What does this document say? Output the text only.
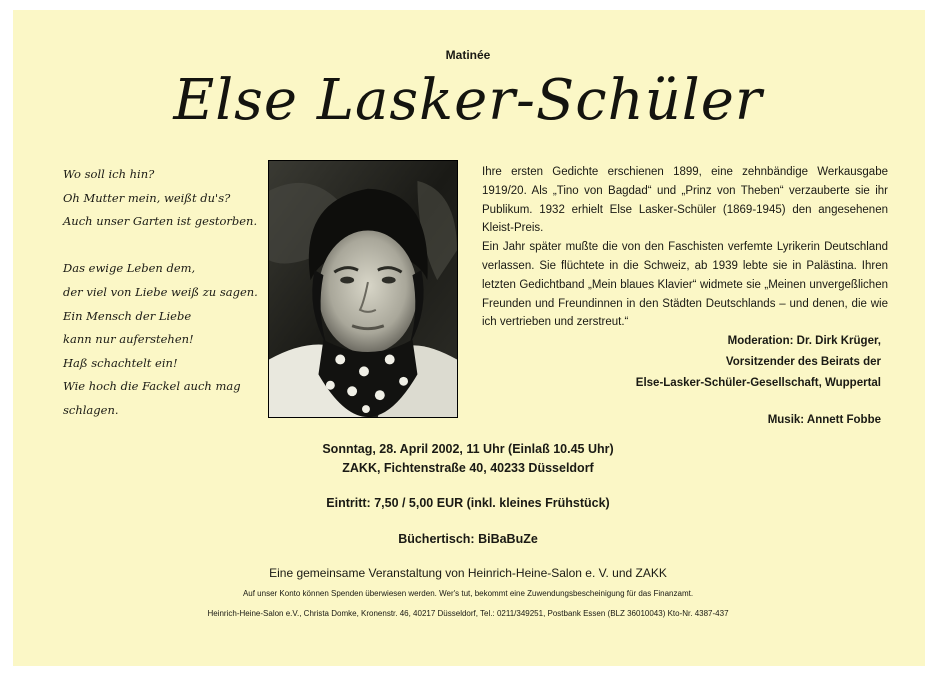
Matinée
Else Lasker-Schüler
Wo soll ich hin?
Oh Mutter mein, weißt du's?
Auch unser Garten ist gestorben.
Das ewige Leben dem,
der viel von Liebe weiß zu sagen.
Ein Mensch der Liebe
kann nur auferstehen!
Haß schachtelt ein!
Wie hoch die Fackel auch mag
schlagen.

Ihre ersten Gedichte erschienen 1899, eine zehnbändige Werkausgabe 1919/20. Als „Tino von Bagdad“ und „Prinz von Theben“ verzauberte sie ihr Publikum. 1932 erhielt Else Lasker-Schüler (1869-1945) den angesehenen Kleist-Preis.

Ein Jahr später mußte die von den Faschisten verfemte Lyrikerin Deutschland verlassen. Sie flüchtete in die Schweiz, ab 1939 lebte sie in Palästina. Ihren letzten Gedichtband „Mein blaues Klavier“ widmete sie „Meinen unvergeßlichen Freunden und Freundinnen in den Städten Deutschlands – und denen, die wie ich vertrieben und zerstreut.“

Moderation: Dr. Dirk Krüger,
Vorsitzender des Beirats der
Else-Lasker-Schüler-Gesellschaft, Wuppertal
Musik: Annett Fobbe
Sonntag, 28. April 2002, 11 Uhr (Einlaß 10.45 Uhr)
ZAKK, Fichtenstraße 40, 40233 Düsseldorf
Eintritt: 7,50 / 5,00 EUR (inkl. kleines Frühstück)
Büchertisch: BiBaBuZe
Eine gemeinsame Veranstaltung von Heinrich-Heine-Salon e. V. und ZAKK
Auf unser Konto können Spenden überwiesen werden. Wer's tut, bekommt eine Zuwendungsbescheinigung für das Finanzamt.
Heinrich-Heine-Salon e.V., Christa Domke, Kronenstr. 46, 40217 Düsseldorf, Tel.: 0211/349251, Postbank Essen (BLZ 36010043) Kto-Nr. 4387-437
